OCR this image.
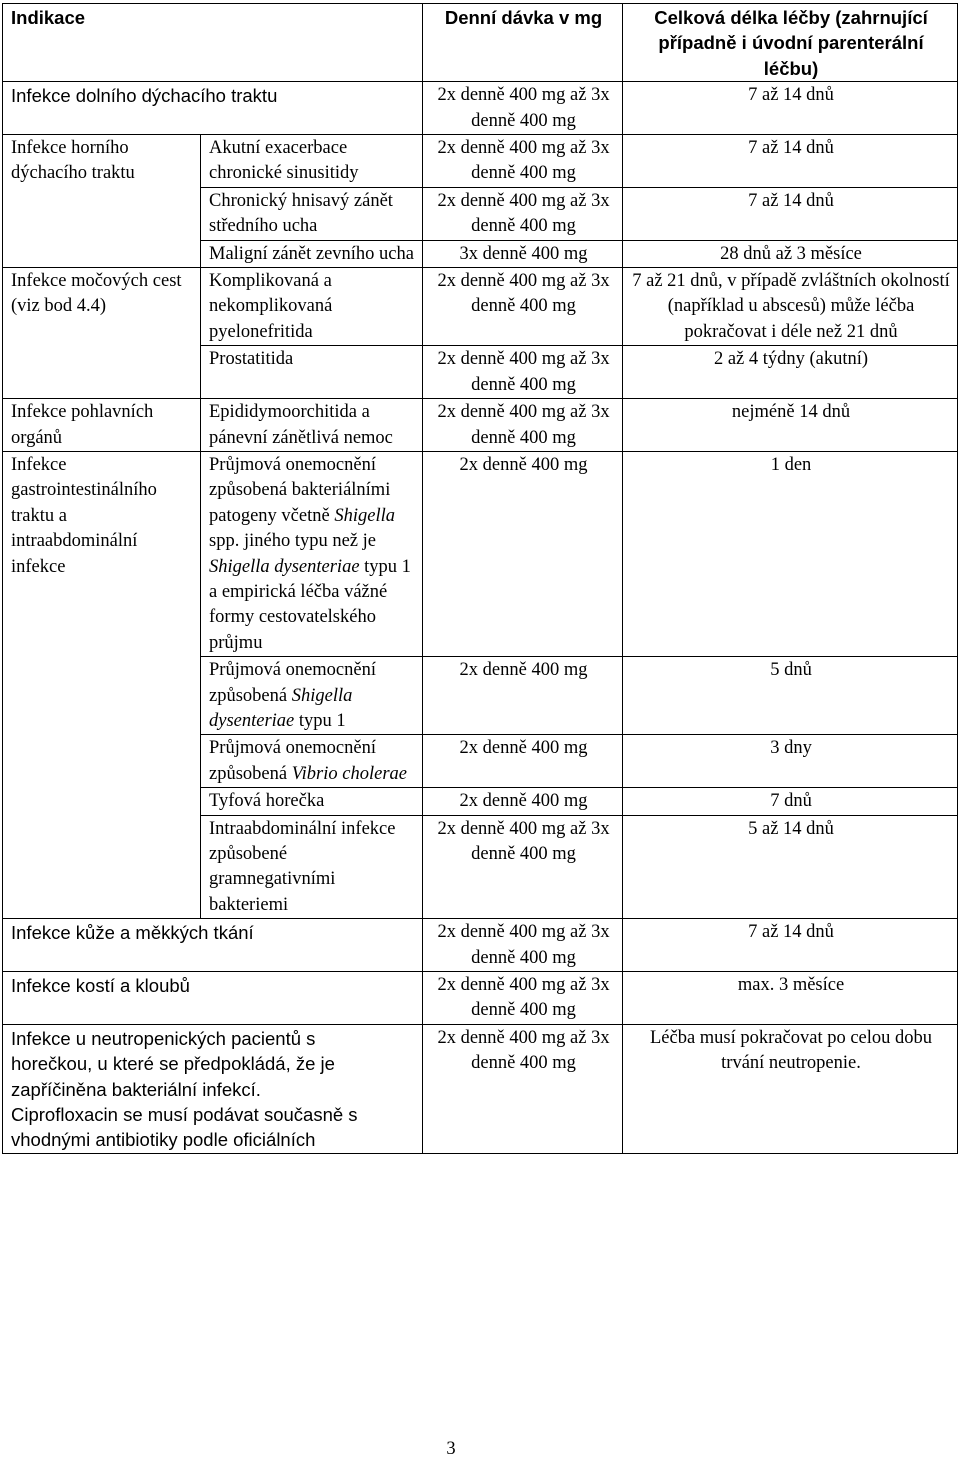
Indikace		Denní dávka v mg	Celková délka léčby (zahrnující případně i úvodní parenterální léčbu)
Infekce dolního dýchacího traktu		2x denně 400 mg až 3x denně 400 mg	7 až 14 dnů
Infekce horního dýchacího traktu	Akutní exacerbace chronické sinusitidy	2x denně 400 mg až 3x denně 400 mg	7 až 14 dnů
	Chronický hnisavý zánět středního ucha	2x denně 400 mg až 3x denně 400 mg	7 až 14 dnů
	Maligní zánět zevního ucha	3x denně 400 mg	28 dnů až 3 měsíce
Infekce močových cest (viz bod 4.4)	Komplikovaná a nekomplikovaná pyelonefritida	2x denně 400 mg až 3x denně 400 mg	7 až 21 dnů, v případě zvláštních okolností (například u abscesů) může léčba pokračovat i déle než 21 dnů
	Prostatitida	2x denně 400 mg až 3x denně 400 mg	2 až 4 týdny (akutní)
Infekce pohlavních orgánů	Epididymoorchitida a pánevní zánětlivá nemoc	2x denně 400 mg až 3x denně 400 mg	nejméně 14 dnů
Infekce gastrointestinálního traktu a intraabdominální infekce	Průjmová onemocnění způsobená bakteriálními patogeny včetně Shigella spp. jiného typu než je Shigella dysenteriae typu 1 a empirická léčba vážné formy cestovatelského průjmu	2x denně 400 mg	1 den
	Průjmová onemocnění způsobená Shigella dysenteriae typu 1	2x denně 400 mg	5 dnů
	Průjmová onemocnění způsobená Vibrio cholerae	2x denně 400 mg	3 dny
	Tyfová horečka	2x denně 400 mg	7 dnů
	Intraabdominální infekce způsobené gramnegativními bakteriemi	2x denně 400 mg až 3x denně 400 mg	5 až 14 dnů
Infekce kůže a měkkých tkání		2x denně 400 mg až 3x denně 400 mg	7 až 14 dnů
Infekce kostí a kloubů		2x denně 400 mg až 3x denně 400 mg	max. 3 měsíce
Infekce u neutropenických pacientů s horečkou, u které se předpokládá, že je zapříčiněna bakteriální infekcí. Ciprofloxacin se musí podávat současně s vhodnými antibiotiky podle oficiálních		2x denně 400 mg až 3x denně 400 mg	Léčba musí pokračovat po celou dobu trvání neutropenie.
3
